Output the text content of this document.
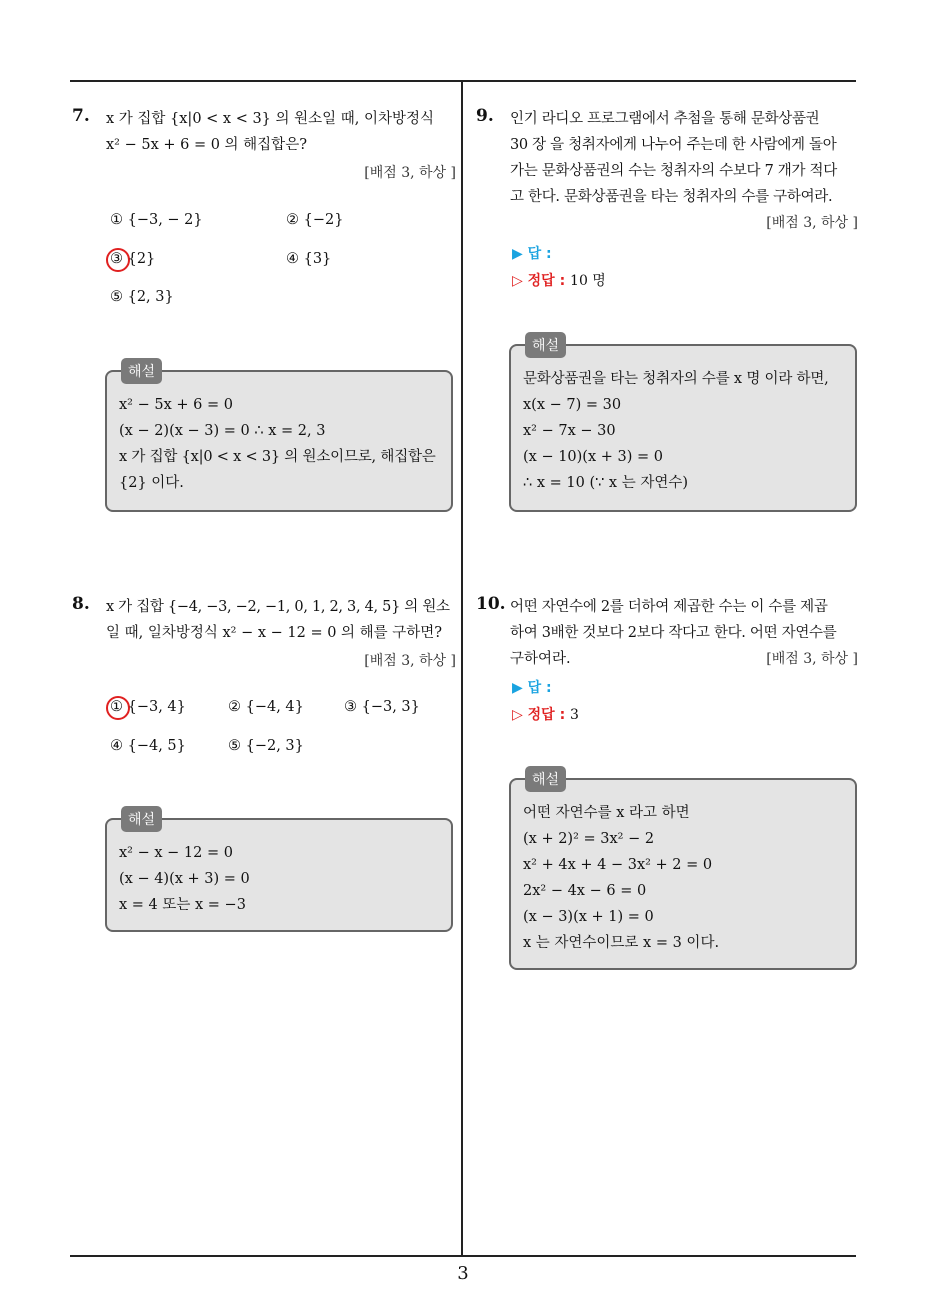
3
7. x 가 집합 {x|0 < x < 3} 의 원소일 때, 이차방정식
x² − 5x + 6 = 0 의 해집합은?
[배점 3, 하상 ]
① {−3, − 2}	② {−2}
③ {2}	④ {3}
⑤ {2, 3}
해설
x² − 5x + 6 = 0
(x − 2)(x − 3) = 0 ∴ x = 2, 3
x 가 집합 {x|0 < x < 3} 의 원소이므로, 해집합은
{2} 이다.
8. x 가 집합 {−4, −3, −2, −1, 0, 1, 2, 3, 4, 5} 의 원소
일 때, 일차방정식 x² − x − 12 = 0 의 해를 구하면?
[배점 3, 하상 ]
① {−3, 4}	② {−4, 4}	③ {−3, 3}
④ {−4, 5}	⑤ {−2, 3}
해설
x² − x − 12 = 0
(x − 4)(x + 3) = 0
x = 4 또는 x = −3
9. 인기 라디오 프로그램에서 추첨을 통해 문화상품권
30 장 을 청취자에게 나누어 주는데 한 사람에게 돌아
가는 문화상품권의 수는 청취자의 수보다 7 개가 적다
고 한다. 문화상품권을 타는 청취자의 수를 구하여라.
[배점 3, 하상 ]
▶ 답 :
▷ 정답 : 10 명
해설
문화상품권을 타는 청취자의 수를 x 명 이라 하면,
x(x − 7) = 30
x² − 7x − 30
(x − 10)(x + 3) = 0
∴ x = 10 (∵ x 는 자연수)
10. 어떤 자연수에 2를 더하여 제곱한 수는 이 수를 제곱
하여 3배한 것보다 2보다 작다고 한다. 어떤 자연수를
구하여라.	[배점 3, 하상 ]
▶ 답 :
▷ 정답 : 3
해설
어떤 자연수를 x 라고 하면
(x + 2)² = 3x² − 2
x² + 4x + 4 − 3x² + 2 = 0
2x² − 4x − 6 = 0
(x − 3)(x + 1) = 0
x 는 자연수이므로 x = 3 이다.
